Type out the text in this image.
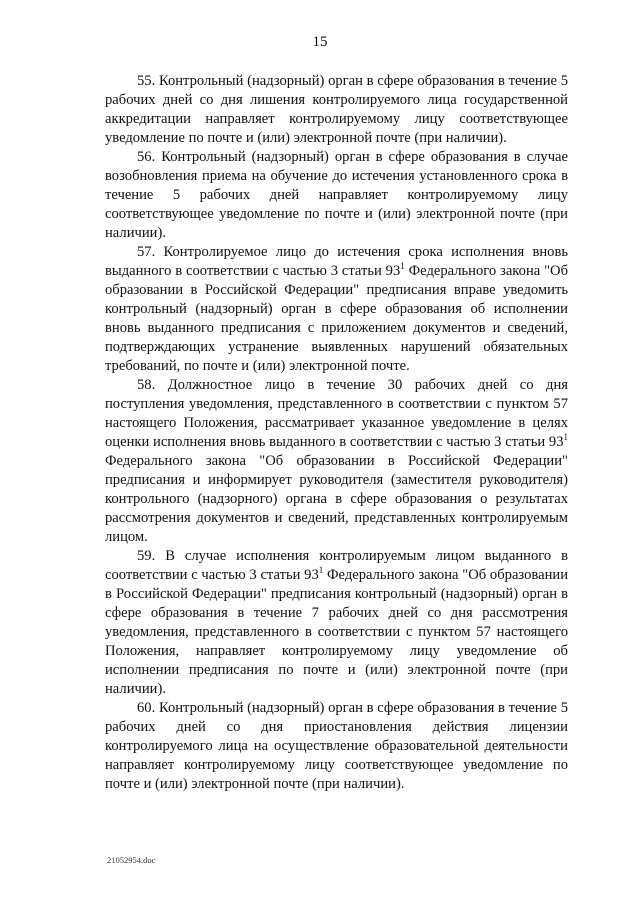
15

55. Контрольный (надзорный) орган в сфере образования в течение 5 рабочих дней со дня лишения контролируемого лица государственной аккредитации направляет контролируемому лицу соответствующее уведомление по почте и (или) электронной почте (при наличии).

56. Контрольный (надзорный) орган в сфере образования в случае возобновления приема на обучение до истечения установленного срока в течение 5 рабочих дней направляет контролируемому лицу соответствующее уведомление по почте и (или) электронной почте (при наличии).

57. Контролируемое лицо до истечения срока исполнения вновь выданного в соответствии с частью 3 статьи $93^1$ Федерального закона "Об образовании в Российской Федерации" предписания вправе уведомить контрольный (надзорный) орган в сфере образования об исполнении вновь выданного предписания с приложением документов и сведений, подтверждающих устранение выявленных нарушений обязательных требований, по почте и (или) электронной почте.

58. Должностное лицо в течение 30 рабочих дней со дня поступления уведомления, представленного в соответствии с пунктом 57 настоящего Положения, рассматривает указанное уведомление в целях оценки исполнения вновь выданного в соответствии с частью 3 статьи $93^1$ Федерального закона "Об образовании в Российской Федерации" предписания и информирует руководителя (заместителя руководителя) контрольного (надзорного) органа в сфере образования о результатах рассмотрения документов и сведений, представленных контролируемым лицом.

59. В случае исполнения контролируемым лицом выданного в соответствии с частью 3 статьи $93^1$ Федерального закона "Об образовании в Российской Федерации" предписания контрольный (надзорный) орган в сфере образования в течение 7 рабочих дней со дня рассмотрения уведомления, представленного в соответствии с пунктом 57 настоящего Положения, направляет контролируемому лицу уведомление об исполнении предписания по почте и (или) электронной почте (при наличии).

60. Контрольный (надзорный) орган в сфере образования в течение 5 рабочих дней со дня приостановления действия лицензии контролируемого лица на осуществление образовательной деятельности направляет контролируемому лицу соответствующее уведомление по почте и (или) электронной почте (при наличии).

21052954.doc
